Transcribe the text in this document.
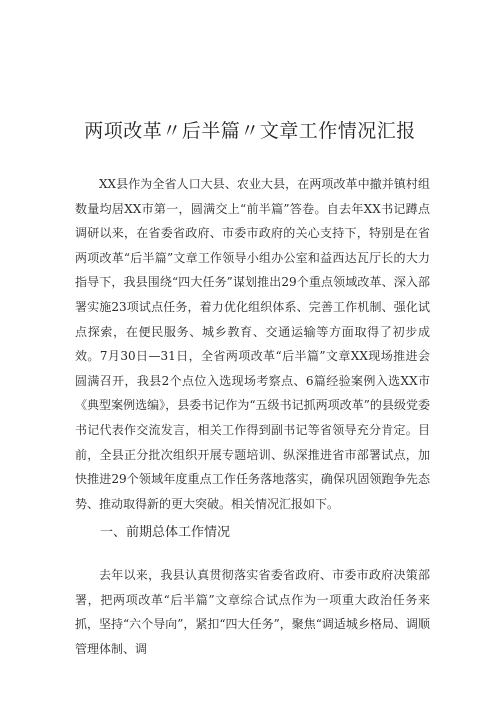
两项改革〃后半篇〃文章工作情况汇报

XX县作为全省人口大县、农业大县，在两项改革中撤并镇村组数量均居XX市第一，圆满交上“前半篇”答卷。自去年XX书记蹲点调研以来，在省委省政府、市委市政府的关心支持下，特别是在省两项改革“后半篇”文章工作领导小组办公室和益西达瓦厅长的大力指导下，我县围绕“四大任务”谋划推出29个重点领域改革、深入部署实施23项试点任务，着力优化组织体系、完善工作机制、强化试点探索，在便民服务、城乡教育、交通运输等方面取得了初步成效。7月30日—31日，全省两项改革“后半篇”文章XX现场推进会圆满召开，我县2个点位入选现场考察点、6篇经验案例入选XX市《典型案例选编》，县委书记作为“五级书记抓两项改革”的县级党委书记代表作交流发言，相关工作得到副书记等省领导充分肯定。目前，全县正分批次组织开展专题培训、纵深推进省市部署试点，加快推进29个领域年度重点工作任务落地落实，确保巩固领跑争先态势、推动取得新的更大突破。相关情况汇报如下。

一、前期总体工作情况

去年以来，我县认真贯彻落实省委省政府、市委市政府决策部署，把两项改革“后半篇”文章综合试点作为一项重大政治任务来抓，坚持“六个导向”，紧扣“四大任务”，聚焦“调适城乡格局、调顺管理体制、调
